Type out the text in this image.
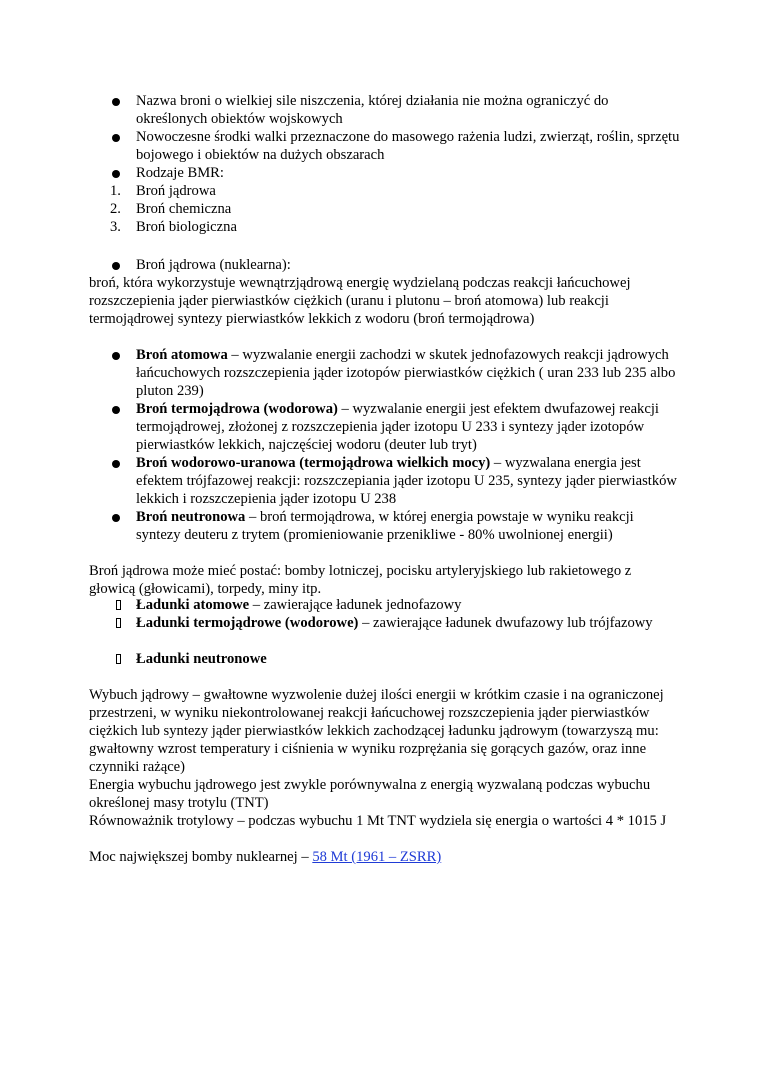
Nazwa broni o wielkiej sile niszczenia, której działania nie można ograniczyć do określonych obiektów wojskowych
Nowoczesne środki walki przeznaczone do masowego rażenia ludzi, zwierząt, roślin, sprzętu bojowego i obiektów na dużych obszarach
Rodzaje BMR:
1.	Broń jądrowa
2.	Broń chemiczna
3.	Broń biologiczna
Broń jądrowa (nuklearna):
broń, która wykorzystuje wewnątrzjądrową energię wydzielaną podczas reakcji łańcuchowej rozszczepienia jąder pierwiastków ciężkich (uranu i plutonu – broń atomowa) lub reakcji termojądrowej syntezy pierwiastków lekkich z wodoru (broń termojądrowa)
Broń atomowa – wyzwalanie energii zachodzi w skutek jednofazowych reakcji jądrowych łańcuchowych rozszczepienia jąder izotopów pierwiastków ciężkich ( uran 233 lub 235 albo pluton 239)
Broń termojądrowa (wodorowa) – wyzwalanie energii jest efektem dwufazowej reakcji termojądrowej, złożonej z rozszczepienia jąder izotopu U 233 i syntezy jąder izotopów pierwiastków lekkich, najczęściej wodoru (deuter lub tryt)
Broń wodorowo-uranowa (termojądrowa wielkich mocy) – wyzwalana energia jest efektem trójfazowej reakcji: rozszczepiania jąder izotopu U 235, syntezy jąder pierwiastków lekkich i rozszczepienia jąder izotopu U 238
Broń neutronowa – broń termojądrowa, w której energia powstaje w wyniku reakcji syntezy deuteru z trytem (promieniowanie przenikliwe - 80% uwolnionej energii)
Broń jądrowa może mieć postać: bomby lotniczej, pocisku artyleryjskiego lub rakietowego z głowicą (głowicami), torpedy, miny itp.
Ładunki atomowe – zawierające ładunek jednofazowy
Ładunki termojądrowe (wodorowe) – zawierające ładunek dwufazowy lub trójfazowy
Ładunki neutronowe
Wybuch jądrowy – gwałtowne wyzwolenie dużej ilości energii w krótkim czasie i na ograniczonej przestrzeni, w wyniku niekontrolowanej reakcji łańcuchowej rozszczepienia jąder pierwiastków ciężkich lub syntezy jąder pierwiastków lekkich zachodzącej ładunku jądrowym (towarzyszą mu: gwałtowny wzrost temperatury i ciśnienia w wyniku rozprężania się gorących gazów, oraz inne czynniki rażące)
Energia wybuchu jądrowego jest zwykle porównywalna z energią wyzwalaną podczas wybuchu określonej masy trotylu (TNT)
Równoważnik trotylowy – podczas wybuchu 1 Mt TNT wydziela się energia o wartości 4 * 1015 J
Moc największej bomby nuklearnej – 58 Mt (1961 – ZSRR)
